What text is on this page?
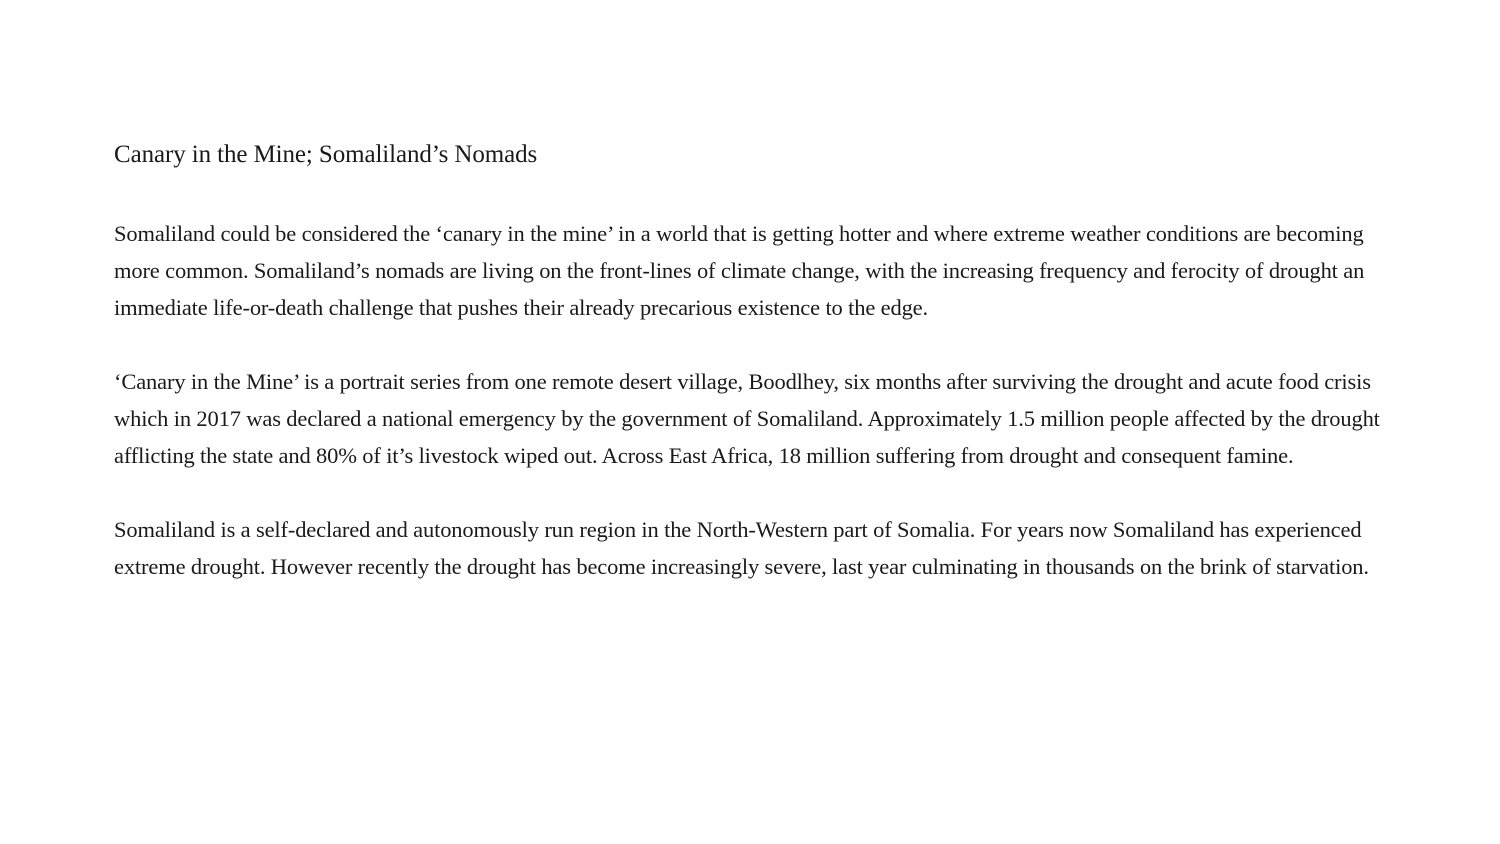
Canary in the Mine; Somaliland’s Nomads

Somaliland could be considered the ‘canary in the mine’ in a world that is getting hotter and where extreme weather conditions are becoming more common. Somaliland’s nomads are living on the front-lines of climate change, with the increasing frequency and ferocity of drought an immediate life-or-death challenge that pushes their already precarious existence to the edge.

‘Canary in the Mine’ is a portrait series from one remote desert village, Boodlhey, six months after surviving the drought and acute food crisis which in 2017 was declared a national emergency by the government of Somaliland. Approximately 1.5 million people affected by the drought afflicting the state and 80% of it’s livestock wiped out. Across East Africa, 18 million suffering from drought and consequent famine.

Somaliland is a self-declared and autonomously run region in the North-Western part of Somalia. For years now Somaliland has experienced extreme drought. However recently the drought has become increasingly severe, last year culminating in thousands on the brink of starvation.
